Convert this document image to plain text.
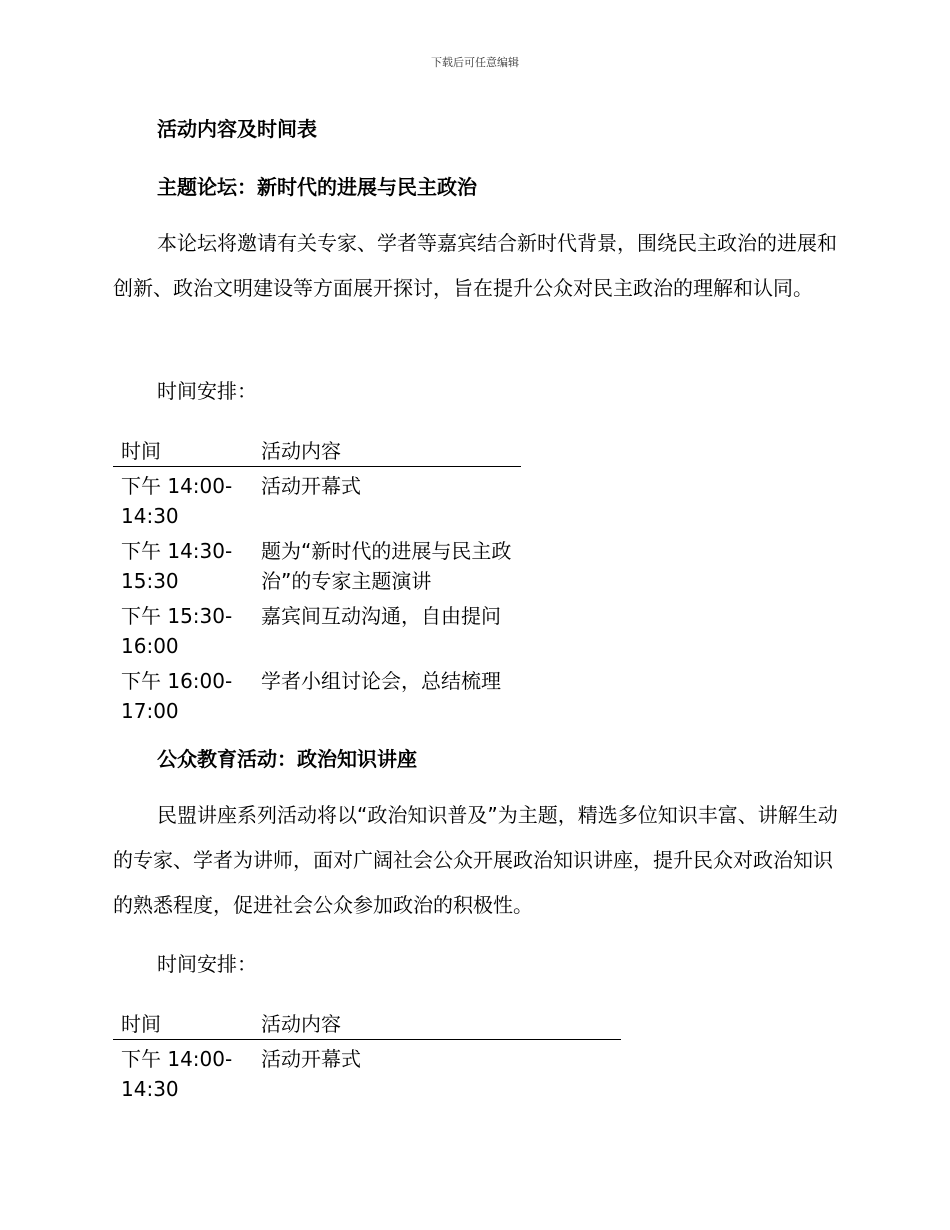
下载后可任意编辑
活动内容及时间表
主题论坛：新时代的进展与民主政治
本论坛将邀请有关专家、学者等嘉宾结合新时代背景，围绕民主政治的进展和创新、政治文明建设等方面展开探讨，旨在提升公众对民主政治的理解和认同。
时间安排：
时间	活动内容
下午 14:00-14:30	活动开幕式
下午 14:30-15:30	题为“新时代的进展与民主政治”的专家主题演讲
下午 15:30-16:00	嘉宾间互动沟通，自由提问
下午 16:00-17:00	学者小组讨论会，总结梳理
公众教育活动：政治知识讲座
民盟讲座系列活动将以“政治知识普及”为主题，精选多位知识丰富、讲解生动的专家、学者为讲师，面对广阔社会公众开展政治知识讲座，提升民众对政治知识的熟悉程度，促进社会公众参加政治的积极性。
时间安排：
时间	活动内容
下午 14:00-14:30	活动开幕式
